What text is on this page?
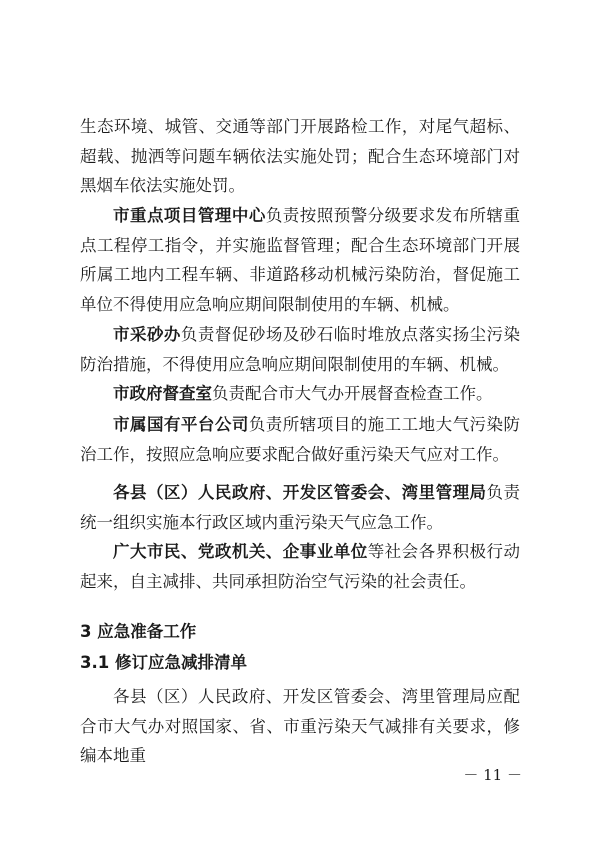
生态环境、城管、交通等部门开展路检工作，对尾气超标、超载、抛洒等问题车辆依法实施处罚；配合生态环境部门对黑烟车依法实施处罚。

市重点项目管理中心负责按照预警分级要求发布所辖重点工程停工指令，并实施监督管理；配合生态环境部门开展所属工地内工程车辆、非道路移动机械污染防治，督促施工单位不得使用应急响应期间限制使用的车辆、机械。

市采砂办负责督促砂场及砂石临时堆放点落实扬尘污染防治措施，不得使用应急响应期间限制使用的车辆、机械。

市政府督查室负责配合市大气办开展督查检查工作。

市属国有平台公司负责所辖项目的施工工地大气污染防治工作，按照应急响应要求配合做好重污染天气应对工作。

各县（区）人民政府、开发区管委会、湾里管理局负责统一组织实施本行政区域内重污染天气应急工作。

广大市民、党政机关、企事业单位等社会各界积极行动起来，自主减排、共同承担防治空气污染的社会责任。

3 应急准备工作
3.1 修订应急减排清单

各县（区）人民政府、开发区管委会、湾里管理局应配合市大气办对照国家、省、市重污染天气减排有关要求，修编本地重

－ 11 －
